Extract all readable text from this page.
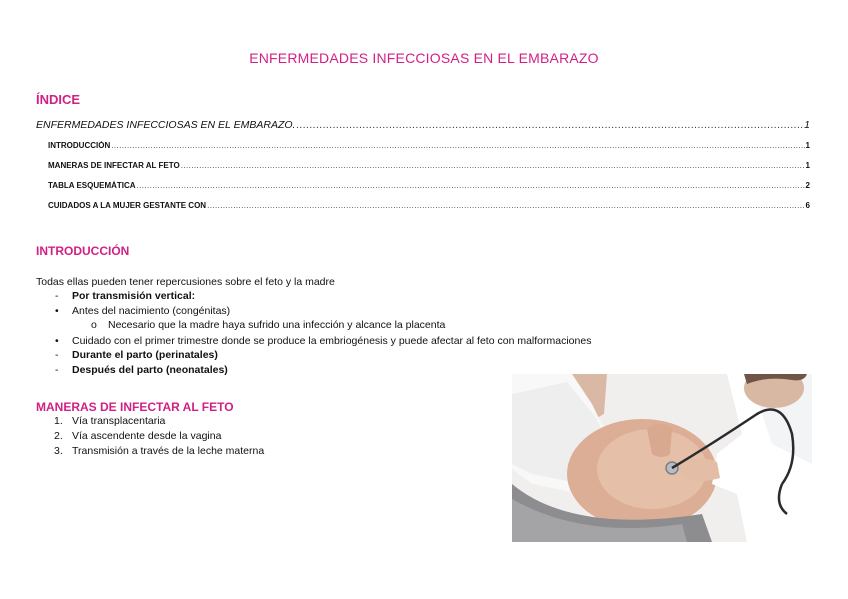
ENFERMEDADES INFECCIOSAS EN EL EMBARAZO
ÍNDICE
ENFERMEDADES INFECCIOSAS EN EL EMBARAZO. .....	1
INTRODUCCIÓN .....	1
MANERAS DE INFECTAR AL FETO .....	1
TABLA ESQUEMÁTICA .....	2
CUIDADOS A LA MUJER GESTANTE CON .....	6
INTRODUCCIÓN
Todas ellas pueden tener repercusiones sobre el feto y la madre
- Por transmisión vertical:
• Antes del nacimiento (congénitas)
o Necesario que la madre haya sufrido una infección y alcance la placenta
• Cuidado con el primer trimestre donde se produce la embriogénesis y puede afectar al feto con malformaciones
- Durante el parto (perinatales)
- Después del parto (neonatales)
MANERAS DE INFECTAR AL FETO
1. Vía transplacentaria
2. Vía ascendente desde la vagina
3. Transmisión a través de la leche materna
